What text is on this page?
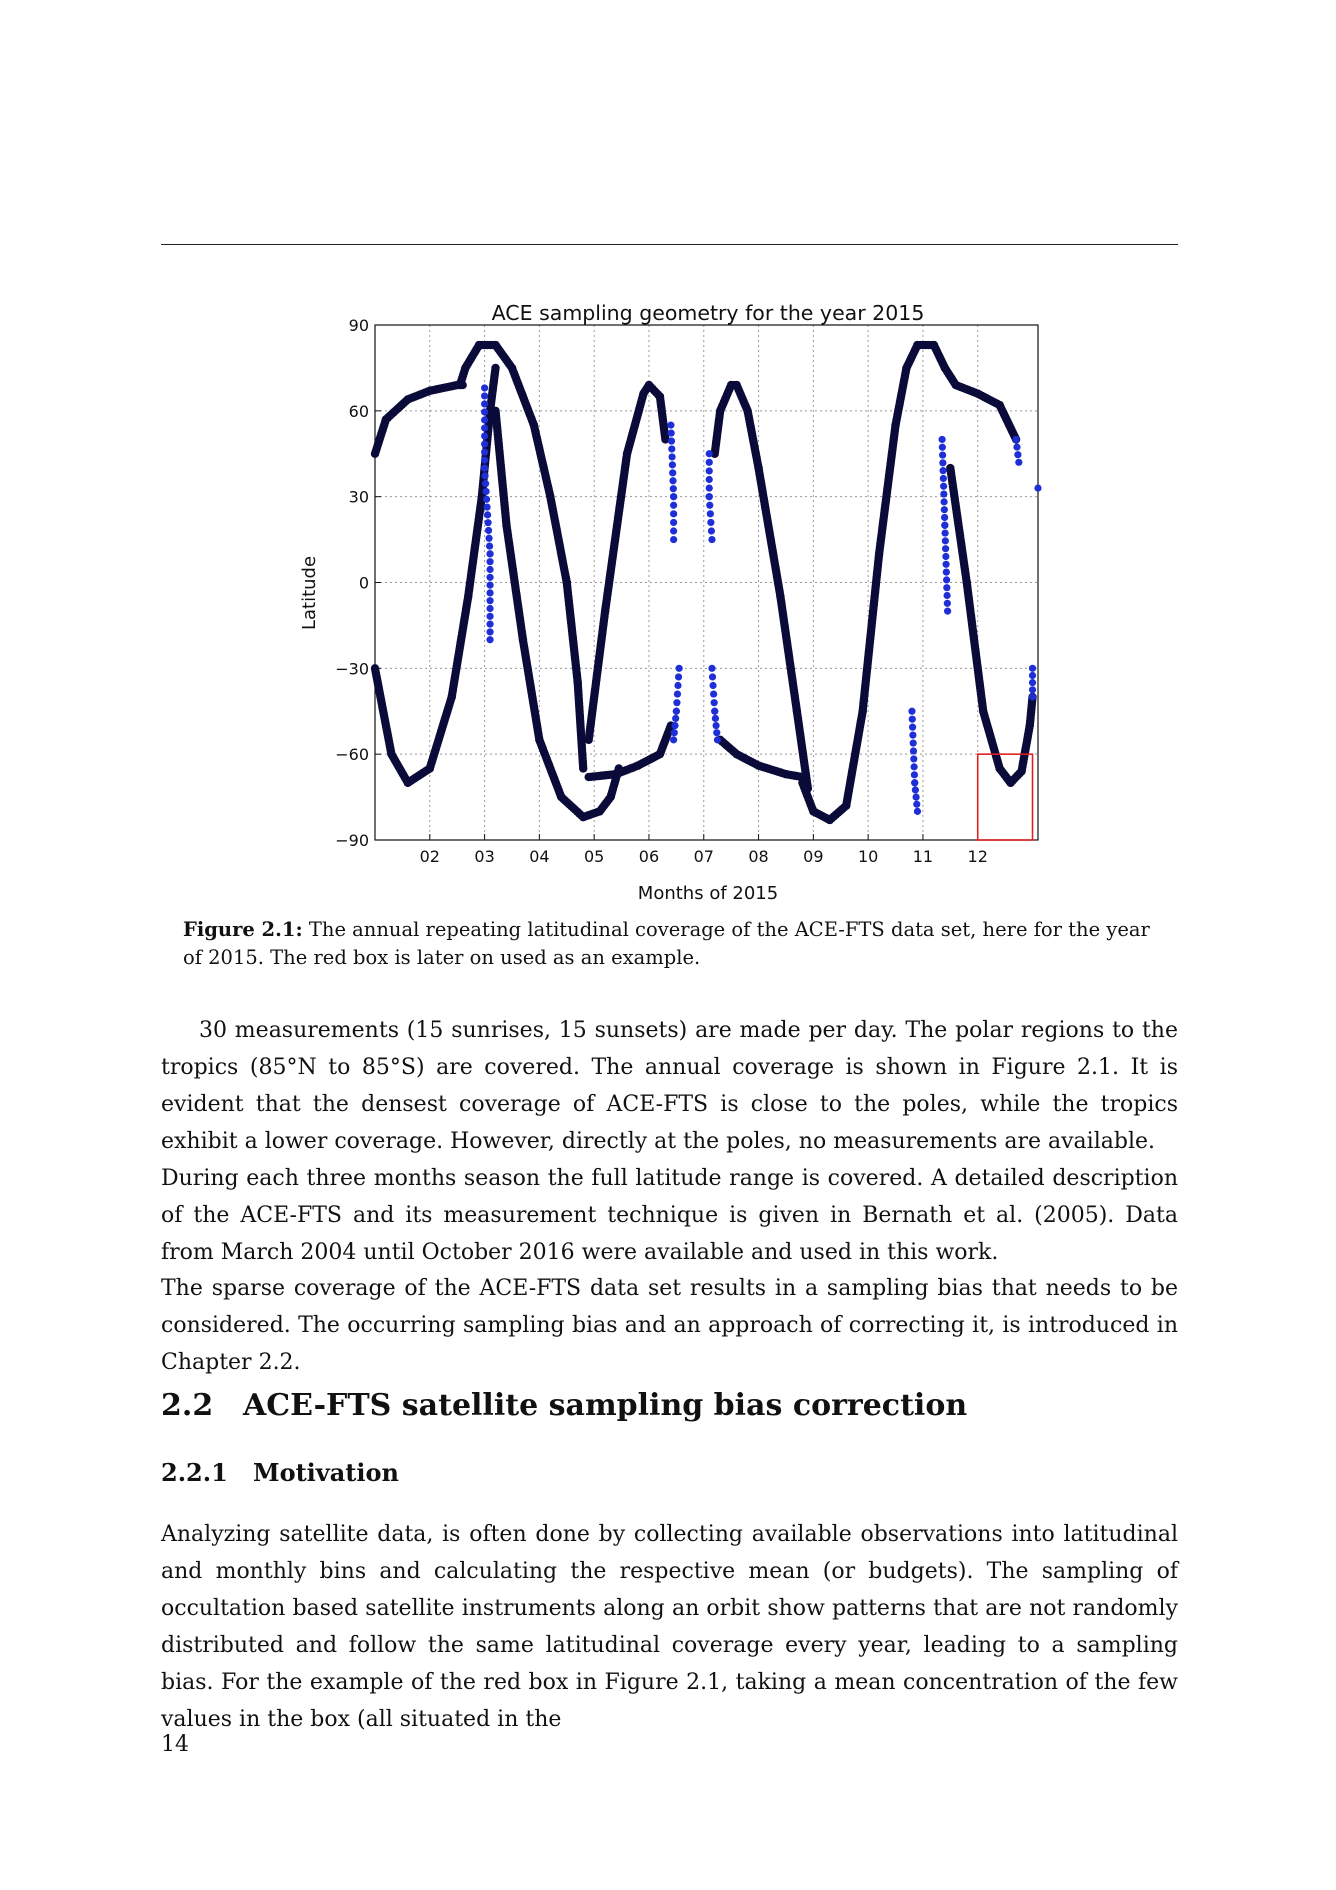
ACE sampling geometry for the year 2015
Latitude
Months of 2015
02 03 04 05 06 07 08 09 10 11 12
90
60
30
0
−30
−60
−90
Figure 2.1: The annual repeating latitudinal coverage of the ACE-FTS data set, here for the year of 2015. The red box is later on used as an example.
30 measurements (15 sunrises, 15 sunsets) are made per day. The polar regions to the tropics (85°N to 85°S) are covered. The annual coverage is shown in Figure 2.1. It is evident that the densest coverage of ACE-FTS is close to the poles, while the tropics exhibit a lower coverage. However, directly at the poles, no measurements are available.
During each three months season the full latitude range is covered. A detailed description of the ACE-FTS and its measurement technique is given in Bernath et al. (2005). Data from March 2004 until October 2016 were available and used in this work.
The sparse coverage of the ACE-FTS data set results in a sampling bias that needs to be considered. The occurring sampling bias and an approach of correcting it, is introduced in Chapter 2.2.
2.2 ACE-FTS satellite sampling bias correction
2.2.1 Motivation
Analyzing satellite data, is often done by collecting available observations into latitudinal and monthly bins and calculating the respective mean (or budgets). The sampling of occultation based satellite instruments along an orbit show patterns that are not randomly distributed and follow the same latitudinal coverage every year, leading to a sampling bias. For the example of the red box in Figure 2.1, taking a mean concentration of the few values in the box (all situated in the
14
